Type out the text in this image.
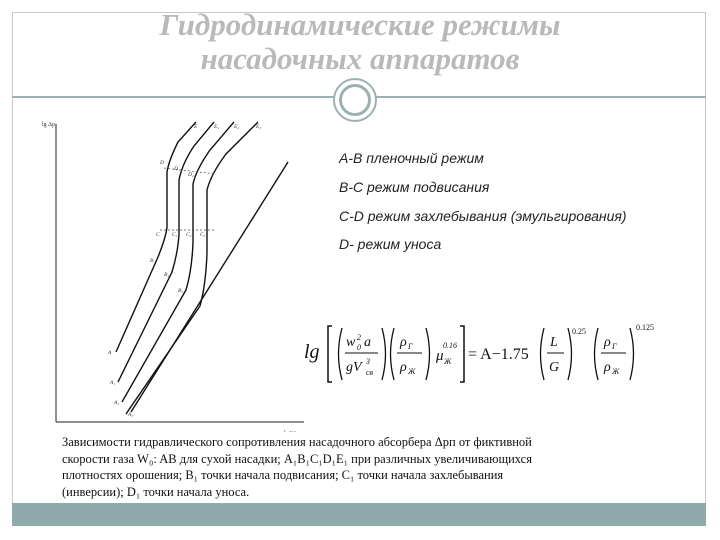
Гидродинамические режимы
насадочных аппаратов
lg Δp	E	E₁	E₂	E₃
D
D₁
D₂
C C₁ C₂ C₃
B
B₁
B₂
A
A₁
A₂
A₃
А-В пленочный режим
В-С режим подвисания
С-D режим захлебывания (эмульгирования)
D- режим уноса
lg w 2
0 a
gV 3
св
ρ Г
ρ Ж
μ Ж
0.16
= A−1.75
L
G
0.25
ρ Г
ρ Ж
0.125
Зависимости гидравлического сопротивления насадочного абсорбера Δpп от фиктивной
скорости газа W₀: AB для сухой насадки; A₁B₁C₁D₁E₁ при различных увеличивающихся
плотностях орошения; B₁ точки начала подвисания; C₁ точки начала захлебывания
(инверсии); D₁ точки начала уноса.
